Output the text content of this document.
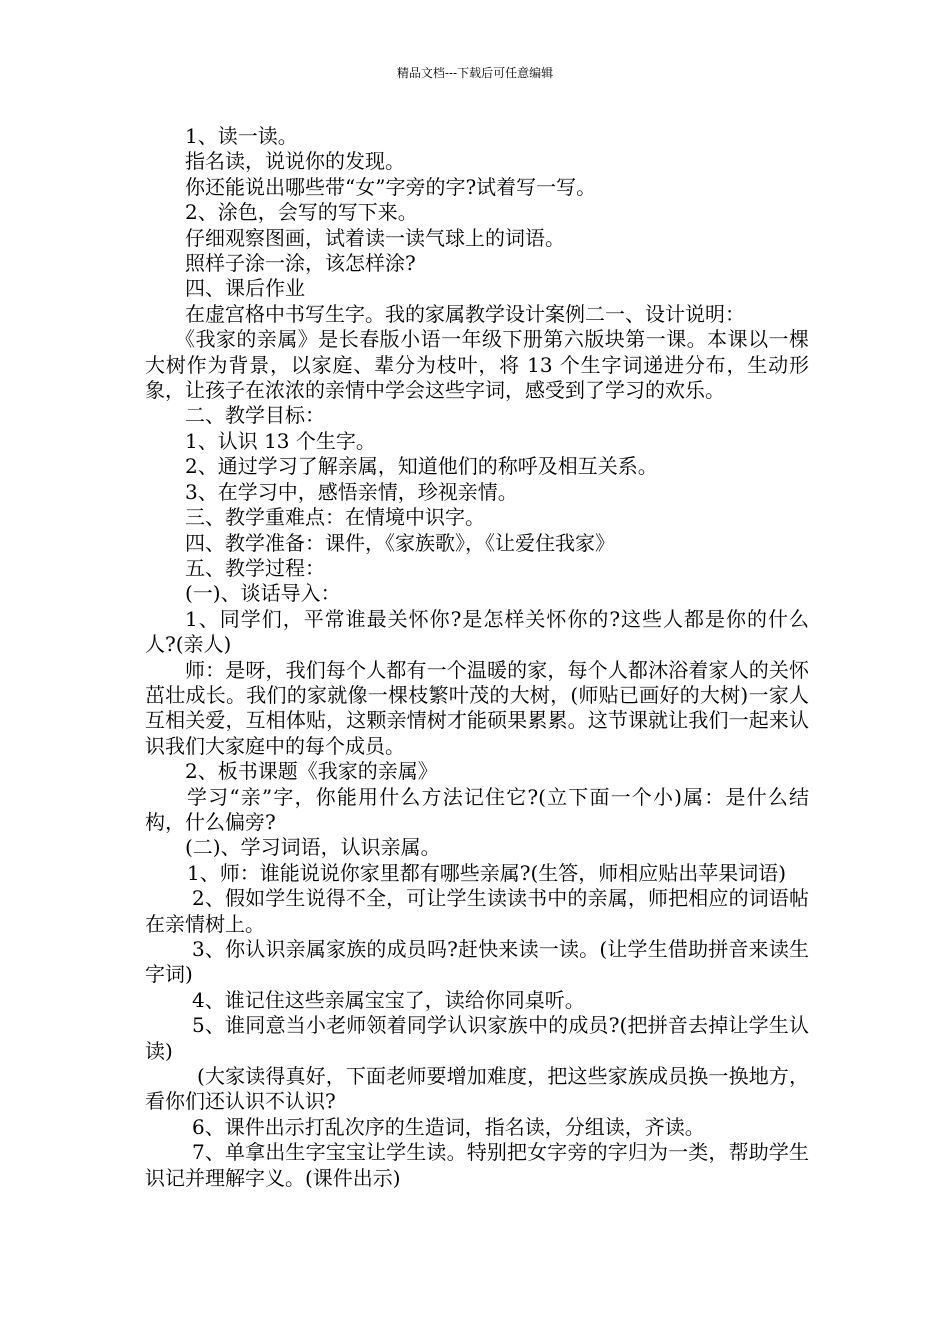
精品文档---下载后可任意编辑

1、读一读。

指名读，说说你的发现。

你还能说出哪些带“女”字旁的字?试着写一写。

2、涂色，会写的写下来。

仔细观察图画，试着读一读气球上的词语。

照样子涂一涂，该怎样涂?

四、课后作业

在虚宫格中书写生字。我的家属教学设计案例二一、设计说明：

《我家的亲属》是长春版小语一年级下册第六版块第一课。本课以一棵大树作为背景，以家庭、辈分为枝叶，将 13 个生字词递进分布，生动形象，让孩子在浓浓的亲情中学会这些字词，感受到了学习的欢乐。

二、教学目标：

1、认识 13 个生字。

2、通过学习了解亲属，知道他们的称呼及相互关系。

3、在学习中，感悟亲情，珍视亲情。

三、教学重难点：在情境中识字。

四、教学准备：课件，《家族歌》，《让爱住我家》

五、教学过程：

(一)、谈话导入：

1、同学们，平常谁最关怀你?是怎样关怀你的?这些人都是你的什么人?(亲人)

师：是呀，我们每个人都有一个温暖的家，每个人都沐浴着家人的关怀茁壮成长。我们的家就像一棵枝繁叶茂的大树，(师贴已画好的大树)一家人互相关爱，互相体贴，这颗亲情树才能硕果累累。这节课就让我们一起来认识我们大家庭中的每个成员。

2、板书课题《我家的亲属》

学习“亲”字，你能用什么方法记住它?(立下面一个小)属：是什么结构，什么偏旁?

(二)、学习词语，认识亲属。

1、师：谁能说说你家里都有哪些亲属?(生答，师相应贴出苹果词语)

2、假如学生说得不全，可让学生读读书中的亲属，师把相应的词语帖在亲情树上。

3、你认识亲属家族的成员吗?赶快来读一读。(让学生借助拼音来读生字词)

4、谁记住这些亲属宝宝了，读给你同桌听。

5、谁同意当小老师领着同学认识家族中的成员?(把拼音去掉让学生认读)

(大家读得真好，下面老师要增加难度，把这些家族成员换一换地方，看你们还认识不认识?

6、课件出示打乱次序的生造词，指名读，分组读，齐读。

7、单拿出生字宝宝让学生读。特别把女字旁的字归为一类，帮助学生识记并理解字义。(课件出示)
